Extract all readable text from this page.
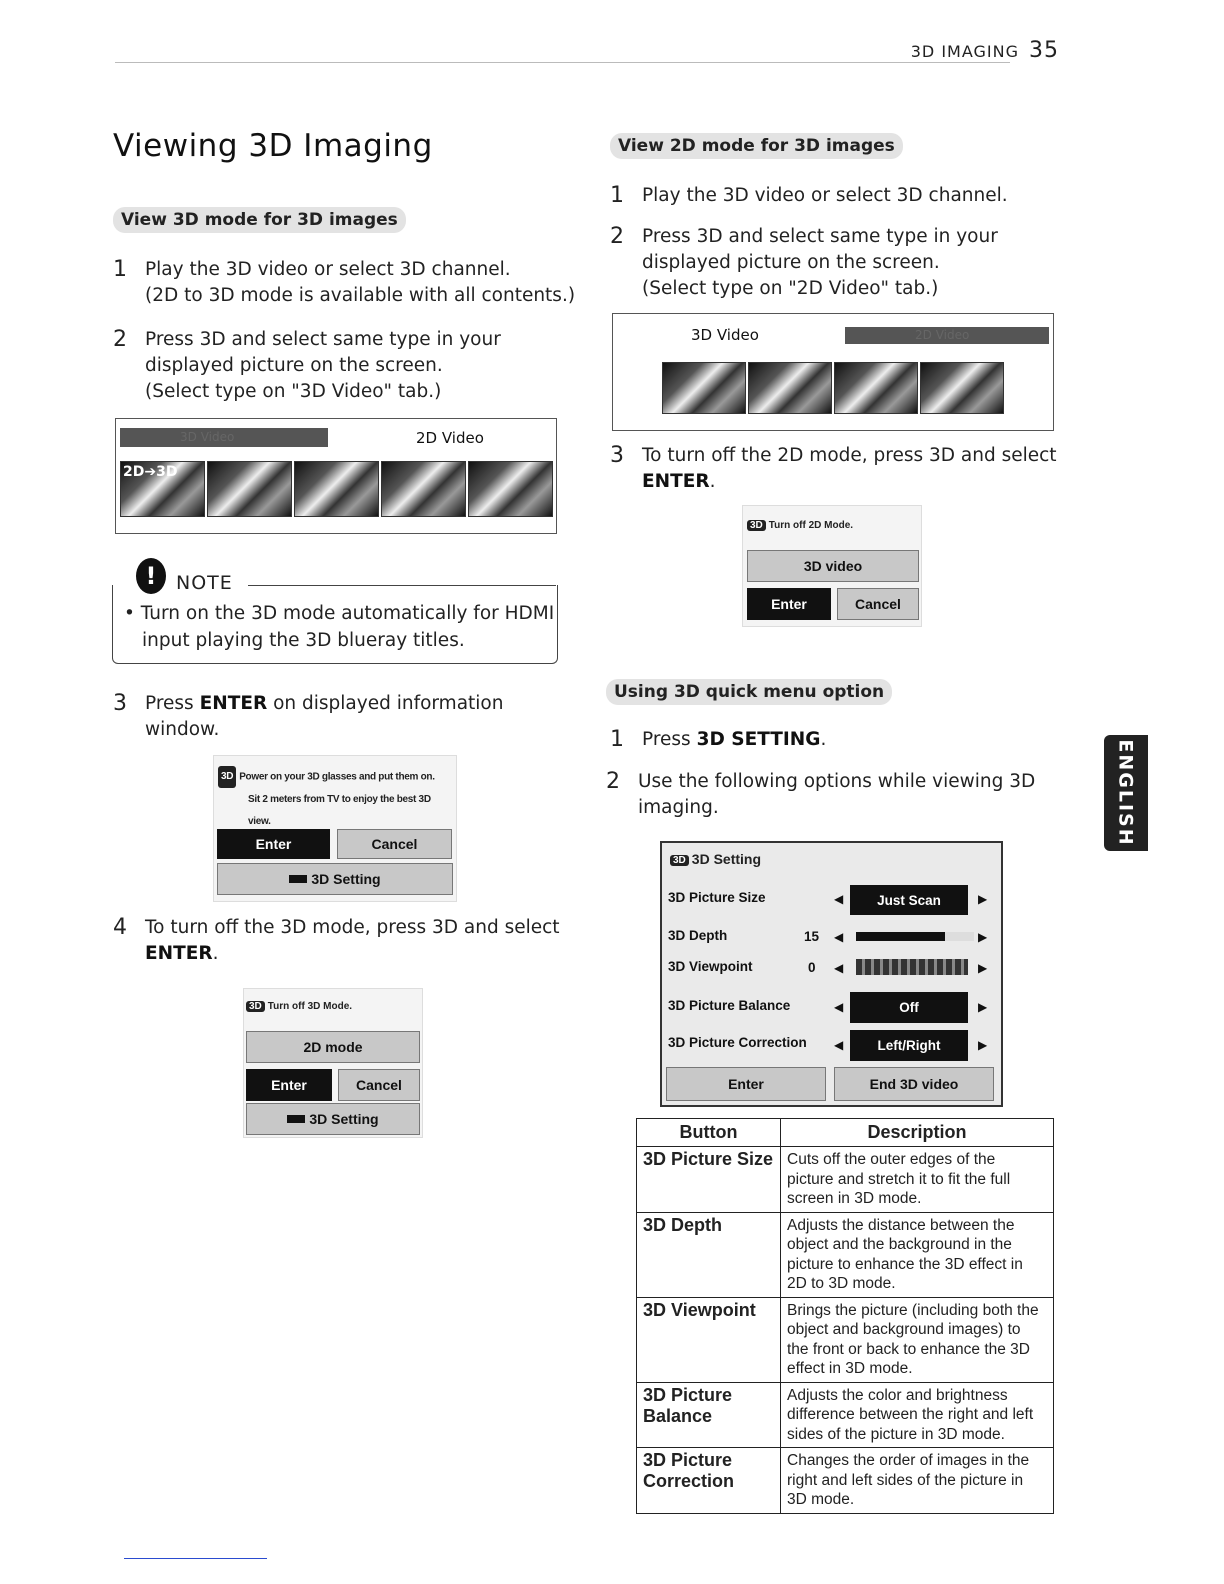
3D IMAGING 35
Viewing 3D Imaging
View 3D mode for 3D images
1 Play the 3D video or select 3D channel.
(2D to 3D mode is available with all contents.)
2 Press 3D and select same type in your
displayed picture on the screen.
(Select type on "3D Video" tab.)
3D Video	2D Video
2D➔3D
!	NOTE
• Turn on the 3D mode automatically for HDMI
input playing the 3D blueray titles.
3 Press ENTER on displayed information
window.
3D Power on your 3D glasses and put them on.
Sit 2 meters from TV to enjoy the best 3D
view.
Enter	Cancel
3D Setting
4 To turn off the 3D mode, press 3D and select
ENTER.
3D Turn off 3D Mode.
2D mode
Enter	Cancel
3D Setting
View 2D mode for 3D images
1 Play the 3D video or select 3D channel.
2 Press 3D and select same type in your
displayed picture on the screen.
(Select type on "2D Video" tab.)
3D Video	2D Video
3 To turn off the 2D mode, press 3D and select
ENTER.
3D Turn off 2D Mode.
3D video
Enter	Cancel
Using 3D quick menu option
1 Press 3D SETTING.
2 Use the following options while viewing 3D
imaging.
3D 3D Setting
3D Picture Size	◀	Just Scan	▶
3D Depth	15 ◀	▶
3D Viewpoint	0 ◀	▶
3D Picture Balance	◀	Off	▶
3D Picture Correction ◀	Left/Right	▶
Enter	End 3D video
Button	Description
3D Picture Size	Cuts off the outer edges of the
picture and stretch it to fit the full
screen in 3D mode.

3D Depth	Adjusts the distance between the
object and the background in the
picture to enhance the 3D effect in
2D to 3D mode.

3D Viewpoint	Brings the picture (including both the
object and background images) to
the front or back to enhance the 3D
effect in 3D mode.

3D Picture Balance	Adjusts the color and brightness
difference between the right and left
sides of the picture in 3D mode.

3D Picture Correction	Changes the order of images in the
right and left sides of the picture in
3D mode.
ENGLISH
